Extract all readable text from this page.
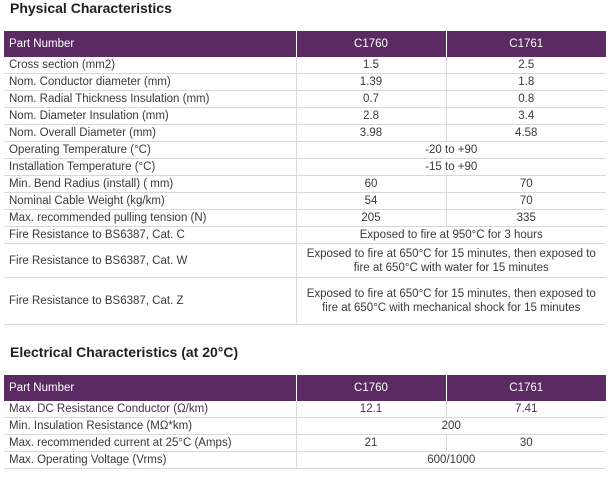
Physical Characteristics
Part Number	C1760	C1761
Cross section (mm2)	1.5	2.5
Nom. Conductor diameter (mm)	1.39	1.8
Nom. Radial Thickness Insulation (mm)	0.7	0.8
Nom. Diameter Insulation (mm)	2.8	3.4
Nom. Overall Diameter (mm)	3.98	4.58
Operating Temperature (°C)	-20 to +90	
Installation Temperature (°C)	-15 to +90	
Min. Bend Radius (install) ( mm)	60	70
Nominal Cable Weight (kg/km)	54	70
Max. recommended pulling tension (N)	205	335
Fire Resistance to BS6387, Cat. C	Exposed to fire at 950°C for 3 hours	
Fire Resistance to BS6387, Cat. W	Exposed to fire at 650°C for 15 minutes, then exposed to fire at 650°C with water for 15 minutes	
Fire Resistance to BS6387, Cat. Z	Exposed to fire at 650°C for 15 minutes, then exposed to fire at 650°C with mechanical shock for 15 minutes	
Electrical Characteristics (at 20°C)
Part Number	C1760	C1761
Max. DC Resistance Conductor (Ω/km)	12.1	7.41
Min. Insulation Resistance (MΩ*km)	200	
Max. recommended current at 25°C (Amps)	21	30
Max. Operating Voltage (Vrms)	600/1000	
